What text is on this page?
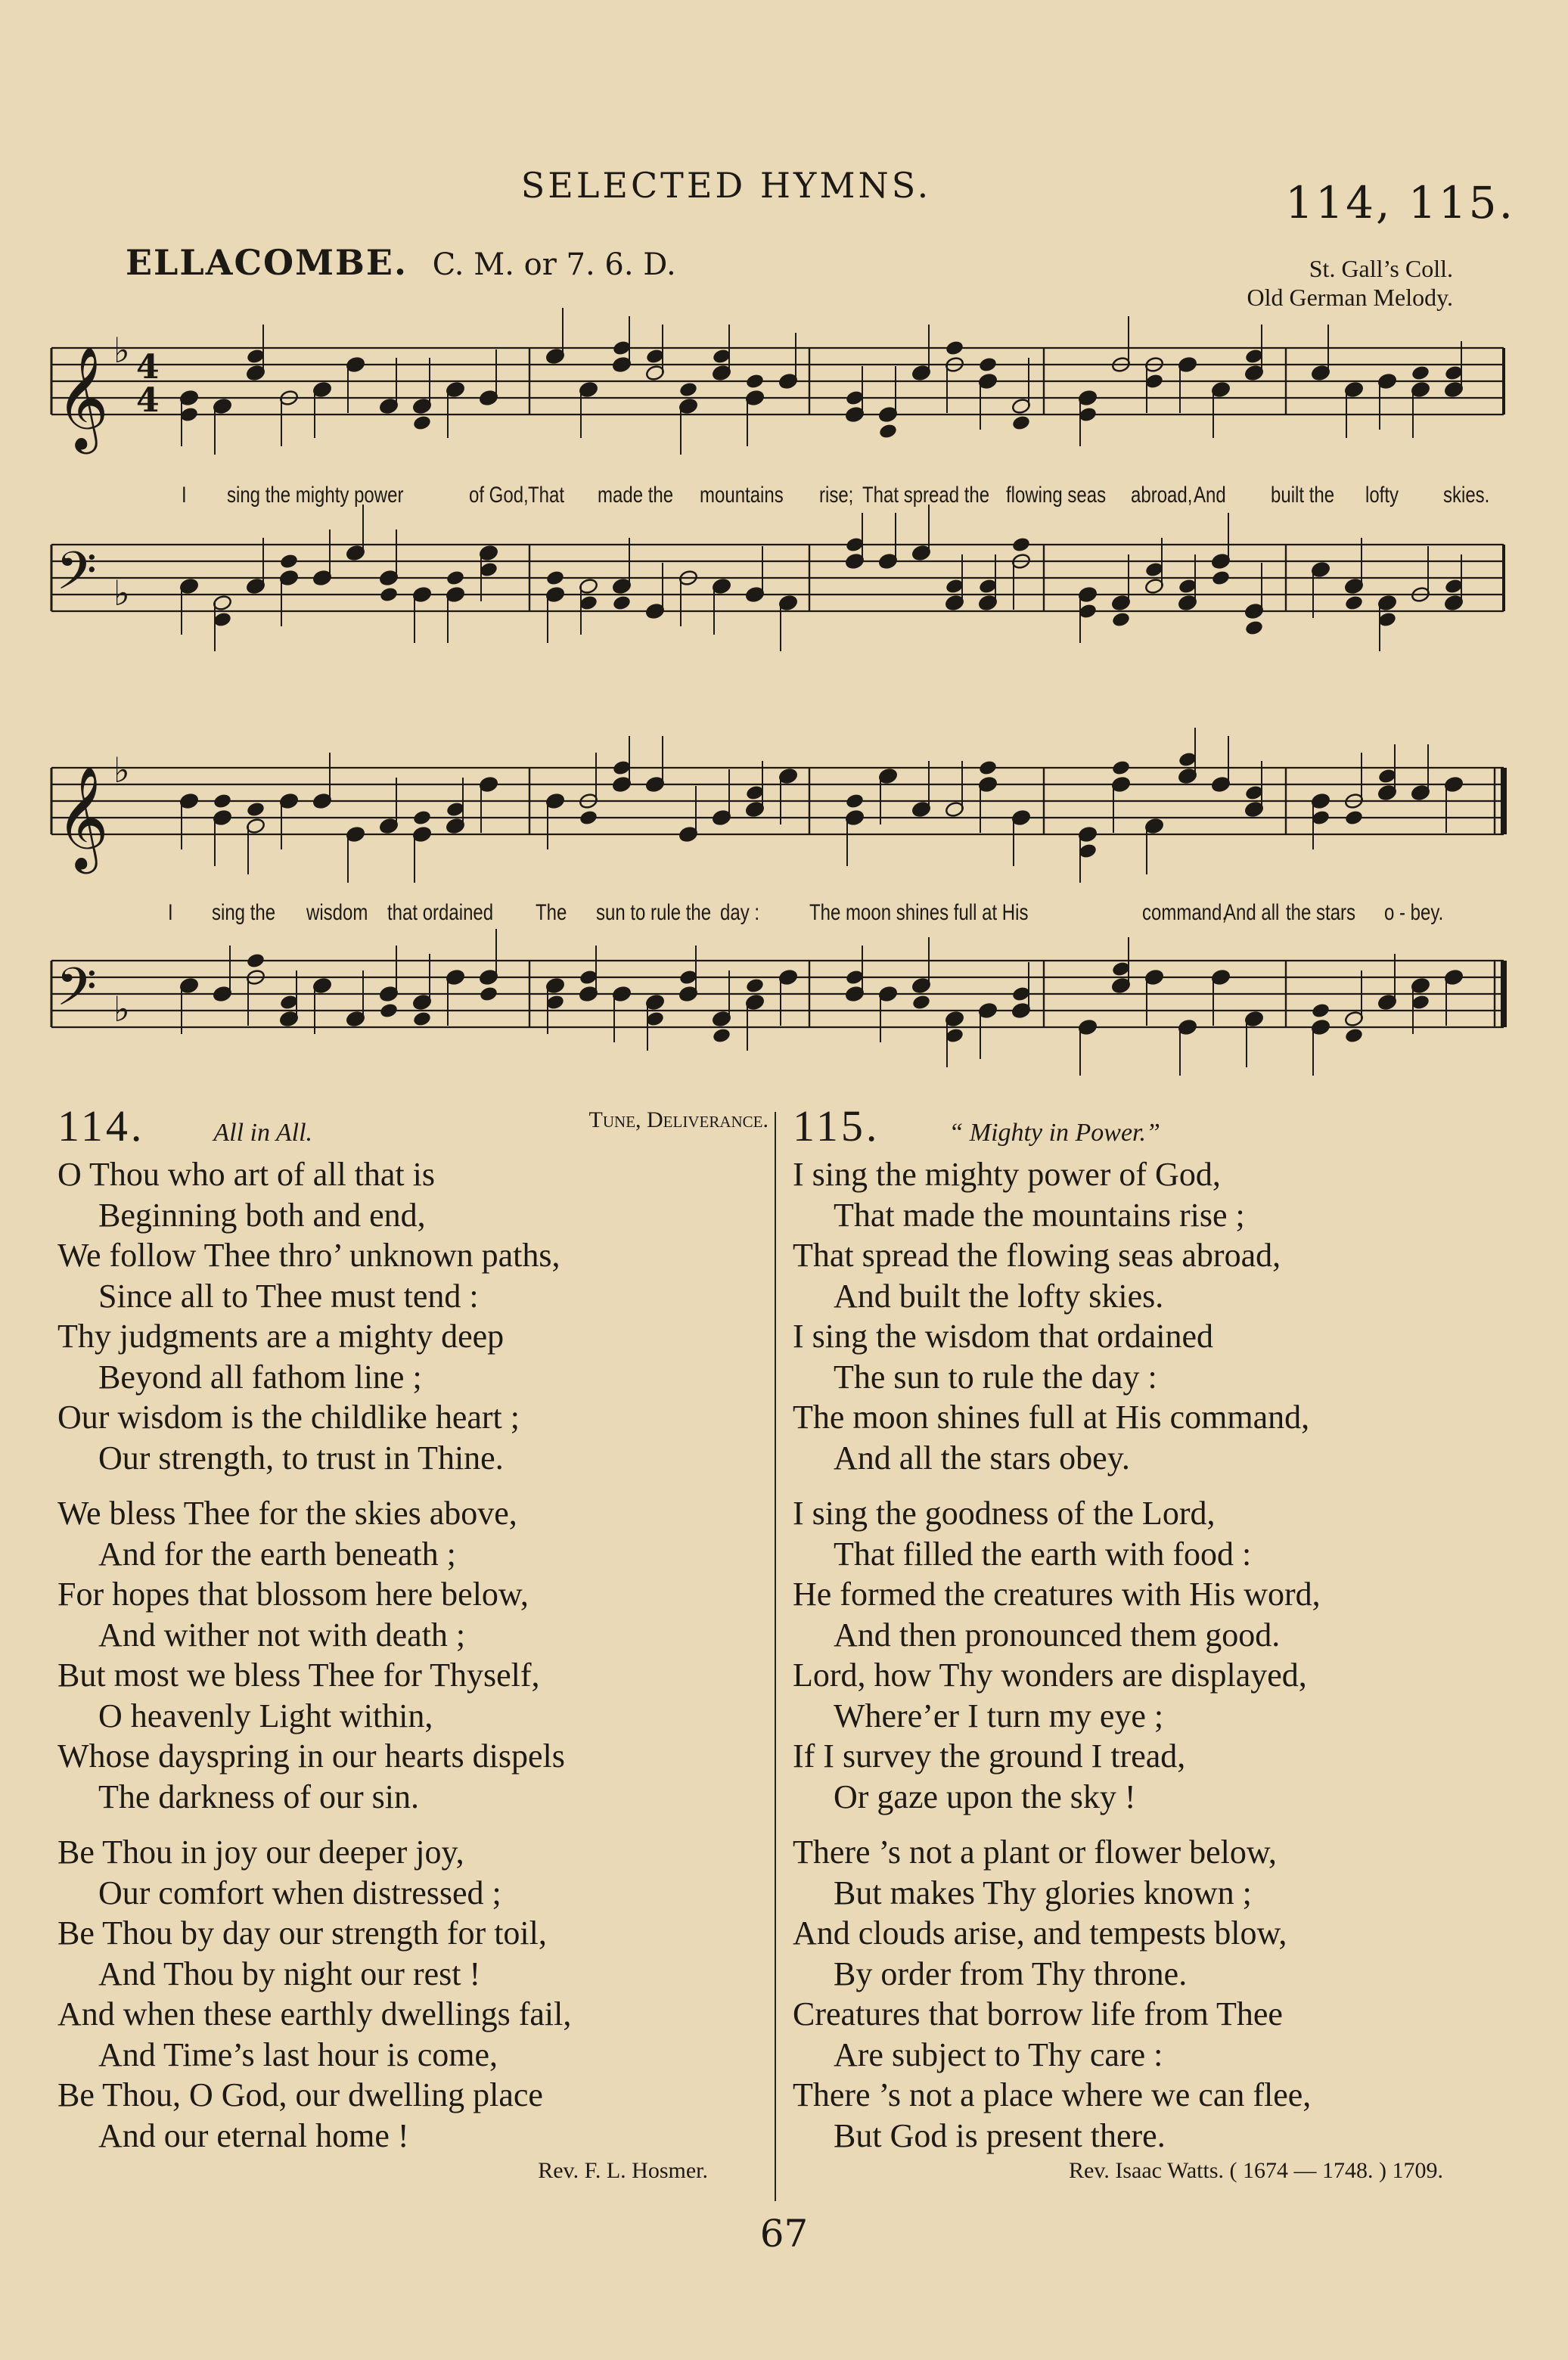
SELECTED HYMNS.	114, 115.
ELLACOMBE. C. M. or 7. 6. D.	St. Gall’s Coll.
Old German Melody.
𝄞 ♭ 4
4
I sing the mighty power	of God, That made the mountains rise; That spread the flowing seas abroad, And built the lofty skies.
𝄢 ♭
𝄞 ♭
I sing the wisdom that ordained The sun to rule the day : The moon shines full at His	command,
And all the stars o - bey.
𝄢 ♭
114.	All in All.	Tune, Deliverance.
O Thou who art of all that is
Beginning both and end,
We follow Thee thro’ unknown paths,
Since all to Thee must tend :
Thy judgments are a mighty deep
Beyond all fathom line ;
Our wisdom is the childlike heart ;
Our strength, to trust in Thine.
We bless Thee for the skies above,
And for the earth beneath ;
For hopes that blossom here below,
And wither not with death ;
But most we bless Thee for Thyself,
O heavenly Light within,
Whose dayspring in our hearts dispels
The darkness of our sin.
Be Thou in joy our deeper joy,
Our comfort when distressed ;
Be Thou by day our strength for toil,
And Thou by night our rest !
And when these earthly dwellings fail,
And Time’s last hour is come,
Be Thou, O God, our dwelling place
And our eternal home !
Rev. F. L. Hosmer.
115.	“ Mighty in Power.”
I sing the mighty power of God,
That made the mountains rise ;
That spread the flowing seas abroad,
And built the lofty skies.
I sing the wisdom that ordained
The sun to rule the day :
The moon shines full at His command,
And all the stars obey.
I sing the goodness of the Lord,
That filled the earth with food :
He formed the creatures with His word,
And then pronounced them good.
Lord, how Thy wonders are displayed,
Where’er I turn my eye ;
If I survey the ground I tread,
Or gaze upon the sky !
There ’s not a plant or flower below,
But makes Thy glories known ;
And clouds arise, and tempests blow,
By order from Thy throne.
Creatures that borrow life from Thee
Are subject to Thy care :
There ’s not a place where we can flee,
But God is present there.
Rev. Isaac Watts. ( 1674 — 1748. ) 1709.
67
